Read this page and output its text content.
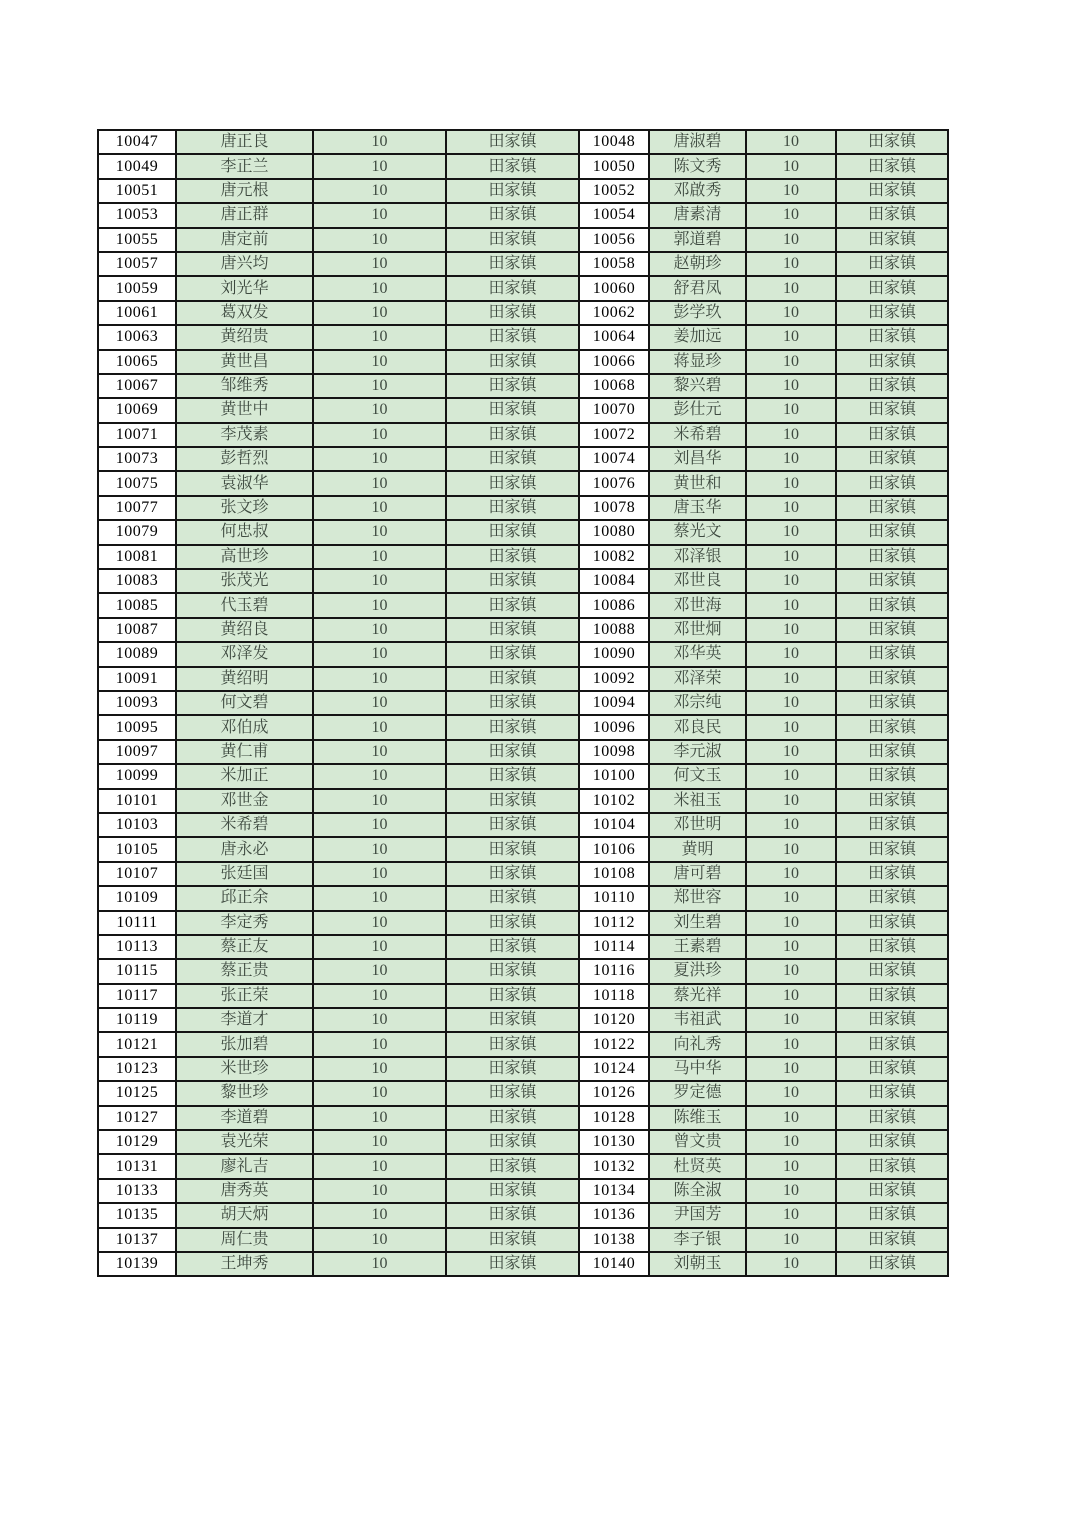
10047	唐正良	10	田家镇	10048	唐淑碧	10	田家镇
10049	李正兰	10	田家镇	10050	陈文秀	10	田家镇
10051	唐元根	10	田家镇	10052	邓啟秀	10	田家镇
10053	唐正群	10	田家镇	10054	唐素清	10	田家镇
10055	唐定前	10	田家镇	10056	郭道碧	10	田家镇
10057	唐兴均	10	田家镇	10058	赵朝珍	10	田家镇
10059	刘光华	10	田家镇	10060	舒君凤	10	田家镇
10061	葛双发	10	田家镇	10062	彭学玖	10	田家镇
10063	黄绍贵	10	田家镇	10064	姜加远	10	田家镇
10065	黄世昌	10	田家镇	10066	蒋显珍	10	田家镇
10067	邹维秀	10	田家镇	10068	黎兴碧	10	田家镇
10069	黄世中	10	田家镇	10070	彭仕元	10	田家镇
10071	李茂素	10	田家镇	10072	米希碧	10	田家镇
10073	彭哲烈	10	田家镇	10074	刘昌华	10	田家镇
10075	袁淑华	10	田家镇	10076	黄世和	10	田家镇
10077	张文珍	10	田家镇	10078	唐玉华	10	田家镇
10079	何忠叔	10	田家镇	10080	蔡光文	10	田家镇
10081	高世珍	10	田家镇	10082	邓泽银	10	田家镇
10083	张茂光	10	田家镇	10084	邓世良	10	田家镇
10085	代玉碧	10	田家镇	10086	邓世海	10	田家镇
10087	黄绍良	10	田家镇	10088	邓世炯	10	田家镇
10089	邓泽发	10	田家镇	10090	邓华英	10	田家镇
10091	黄绍明	10	田家镇	10092	邓泽荣	10	田家镇
10093	何文碧	10	田家镇	10094	邓宗纯	10	田家镇
10095	邓伯成	10	田家镇	10096	邓良民	10	田家镇
10097	黄仁甫	10	田家镇	10098	李元淑	10	田家镇
10099	米加正	10	田家镇	10100	何文玉	10	田家镇
10101	邓世金	10	田家镇	10102	米祖玉	10	田家镇
10103	米希碧	10	田家镇	10104	邓世明	10	田家镇
10105	唐永必	10	田家镇	10106	黄明	10	田家镇
10107	张廷国	10	田家镇	10108	唐可碧	10	田家镇
10109	邱正余	10	田家镇	10110	郑世容	10	田家镇
10111	李定秀	10	田家镇	10112	刘生碧	10	田家镇
10113	蔡正友	10	田家镇	10114	王素碧	10	田家镇
10115	蔡正贵	10	田家镇	10116	夏洪珍	10	田家镇
10117	张正荣	10	田家镇	10118	蔡光祥	10	田家镇
10119	李道才	10	田家镇	10120	韦祖武	10	田家镇
10121	张加碧	10	田家镇	10122	向礼秀	10	田家镇
10123	米世珍	10	田家镇	10124	马中华	10	田家镇
10125	黎世珍	10	田家镇	10126	罗定德	10	田家镇
10127	李道碧	10	田家镇	10128	陈维玉	10	田家镇
10129	袁光荣	10	田家镇	10130	曾文贵	10	田家镇
10131	廖礼吉	10	田家镇	10132	杜贤英	10	田家镇
10133	唐秀英	10	田家镇	10134	陈全淑	10	田家镇
10135	胡天炳	10	田家镇	10136	尹国芳	10	田家镇
10137	周仁贵	10	田家镇	10138	李子银	10	田家镇
10139	王坤秀	10	田家镇	10140	刘朝玉	10	田家镇
